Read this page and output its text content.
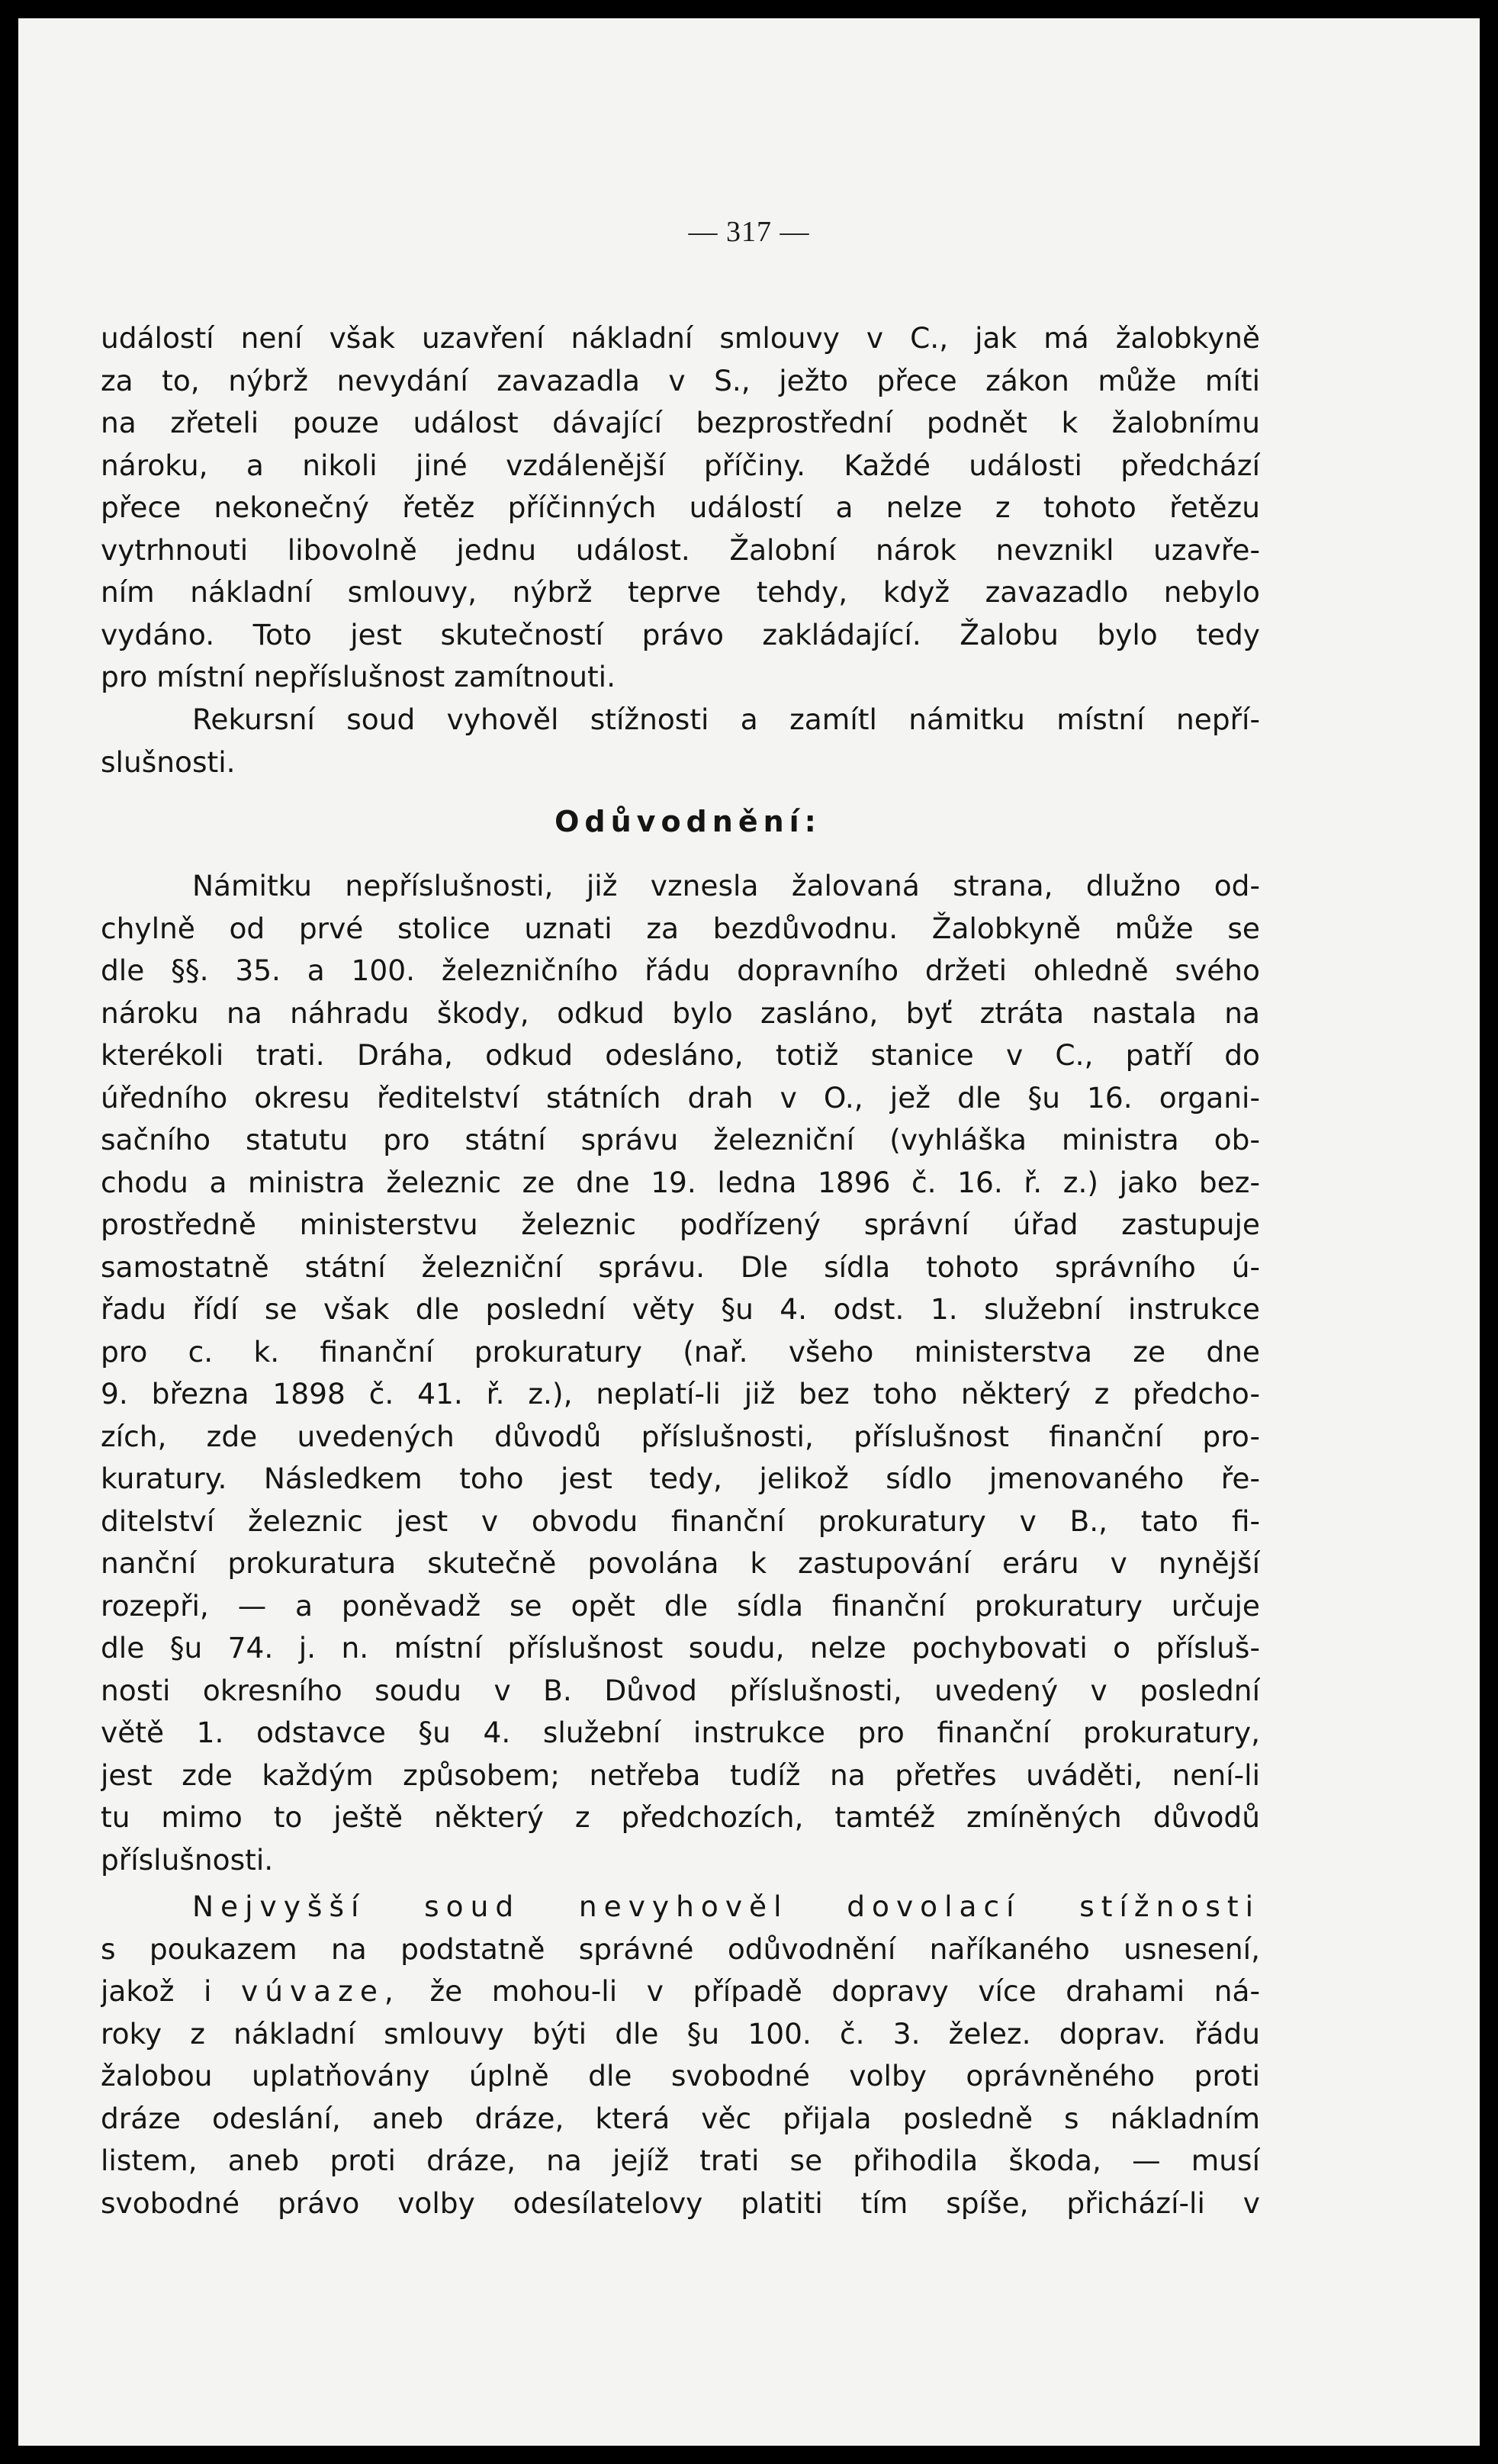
— 317 —
událostí není však uzavření nákladní smlouvy v C., jak má žalobkyně
za to, nýbrž nevydání zavazadla v S., ježto přece zákon může míti
na zřeteli pouze událost dávající bezprostřední podnět k žalobnímu
nároku, a nikoli jiné vzdálenější příčiny. Každé události předchází
přece nekonečný řetěz příčinných událostí a nelze z tohoto řetězu
vytrhnouti libovolně jednu událost. Žalobní nárok nevznikl uzavře-
ním nákladní smlouvy, nýbrž teprve tehdy, když zavazadlo nebylo
vydáno. Toto jest skutečností právo zakládající. Žalobu bylo tedy
pro místní nepříslušnost zamítnouti.
Rekursní soud vyhověl stížnosti a zamítl námitku místní nepří-
slušnosti.
Odůvodnění:
Námitku nepříslušnosti, již vznesla žalovaná strana, dlužno od-
chylně od prvé stolice uznati za bezdůvodnu. Žalobkyně může se
dle §§. 35. a 100. železničního řádu dopravního držeti ohledně svého
nároku na náhradu škody, odkud bylo zasláno, byť ztráta nastala na
kterékoli trati. Dráha, odkud odesláno, totiž stanice v C., patří do
úředního okresu ředitelství státních drah v O., jež dle §u 16. organi-
sačního statutu pro státní správu železniční (vyhláška ministra ob-
chodu a ministra železnic ze dne 19. ledna 1896 č. 16. ř. z.) jako bez-
prostředně ministerstvu železnic podřízený správní úřad zastupuje
samostatně státní železniční správu. Dle sídla tohoto správního ú-
řadu řídí se však dle poslední věty §u 4. odst. 1. služební instrukce
pro c. k. finanční prokuratury (nař. všeho ministerstva ze dne
9. března 1898 č. 41. ř. z.), neplatí-li již bez toho některý z předcho-
zích, zde uvedených důvodů příslušnosti, příslušnost finanční pro-
kuratury. Následkem toho jest tedy, jelikož sídlo jmenovaného ře-
ditelství železnic jest v obvodu finanční prokuratury v B., tato fi-
nanční prokuratura skutečně povolána k zastupování eráru v nynější
rozepři, — a poněvadž se opět dle sídla finanční prokuratury určuje
dle §u 74. j. n. místní příslušnost soudu, nelze pochybovati o přísluš-
nosti okresního soudu v B. Důvod příslušnosti, uvedený v poslední
větě 1. odstavce §u 4. služební instrukce pro finanční prokuratury,
jest zde každým způsobem; netřeba tudíž na přetřes uváděti, není-li
tu mimo to ještě některý z předchozích, tamtéž zmíněných důvodů
příslušnosti.
Nejvyšší soud nevyhověl dovolací stížnosti
s poukazem na podstatně správné odůvodnění naříkaného usnesení,
jakož i vúvaze, že mohou-li v případě dopravy více drahami ná-
roky z nákladní smlouvy býti dle §u 100. č. 3. želez. doprav. řádu
žalobou uplatňovány úplně dle svobodné volby oprávněného proti
dráze odeslání, aneb dráze, která věc přijala posledně s nákladním
listem, aneb proti dráze, na jejíž trati se přihodila škoda, — musí
svobodné právo volby odesílatelovy platiti tím spíše, přichází-li v
